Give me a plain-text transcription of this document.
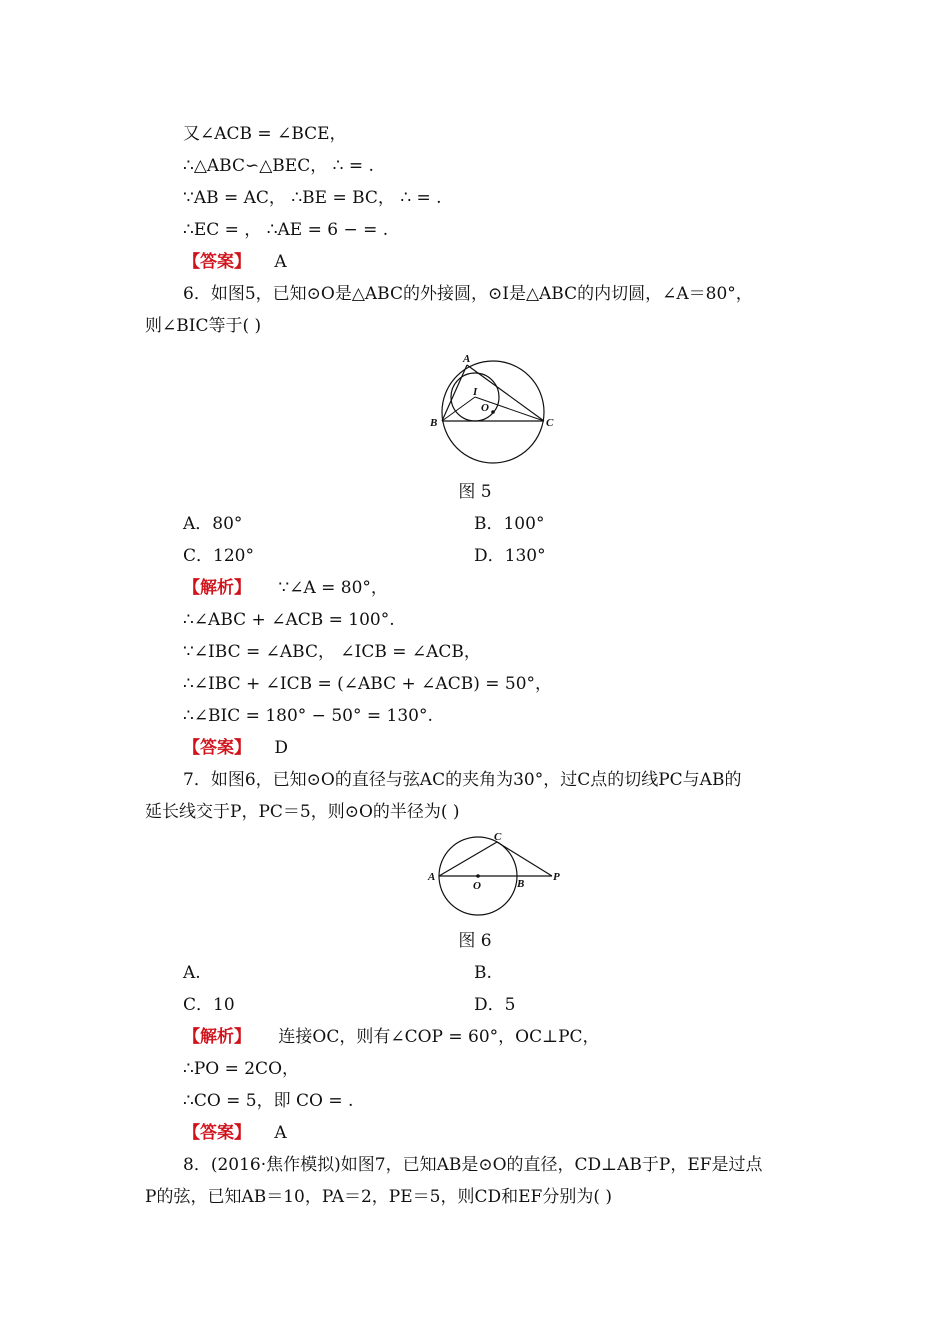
又∠ACB = ∠BCE，
∴△ABC∽△BEC， ∴ = .
∵AB = AC， ∴BE = BC， ∴ = .
∴EC = ， ∴AE = 6 − = .
【答案】 A
6．如图5，已知⊙O是△ABC的外接圆，⊙I是△ABC的内切圆，∠A＝80°，
则∠BIC等于( )
A
B	C
I
O
图 5
A．80°	B．100°
C．120°	D．130°
【解析】 ∵∠A = 80°，
∴∠ABC + ∠ACB = 100°.
∵∠IBC = ∠ABC， ∠ICB = ∠ACB，
∴∠IBC + ∠ICB = (∠ABC + ∠ACB) = 50°，
∴∠BIC = 180° − 50° = 130°.
【答案】 D
7．如图6，已知⊙O的直径与弦AC的夹角为30°，过C点的切线PC与AB的
延长线交于P，PC＝5，则⊙O的半径为( )
A
C
O	B
P
图 6
A.	B.
C．10	D．5
【解析】 连接OC，则有∠COP = 60°，OC⊥PC，
∴PO = 2CO，
∴CO = 5，即 CO = .
【答案】 A
8．(2016·焦作模拟)如图7，已知AB是⊙O的直径，CD⊥AB于P，EF是过点
P的弦，已知AB＝10，PA＝2，PE＝5，则CD和EF分别为( )
